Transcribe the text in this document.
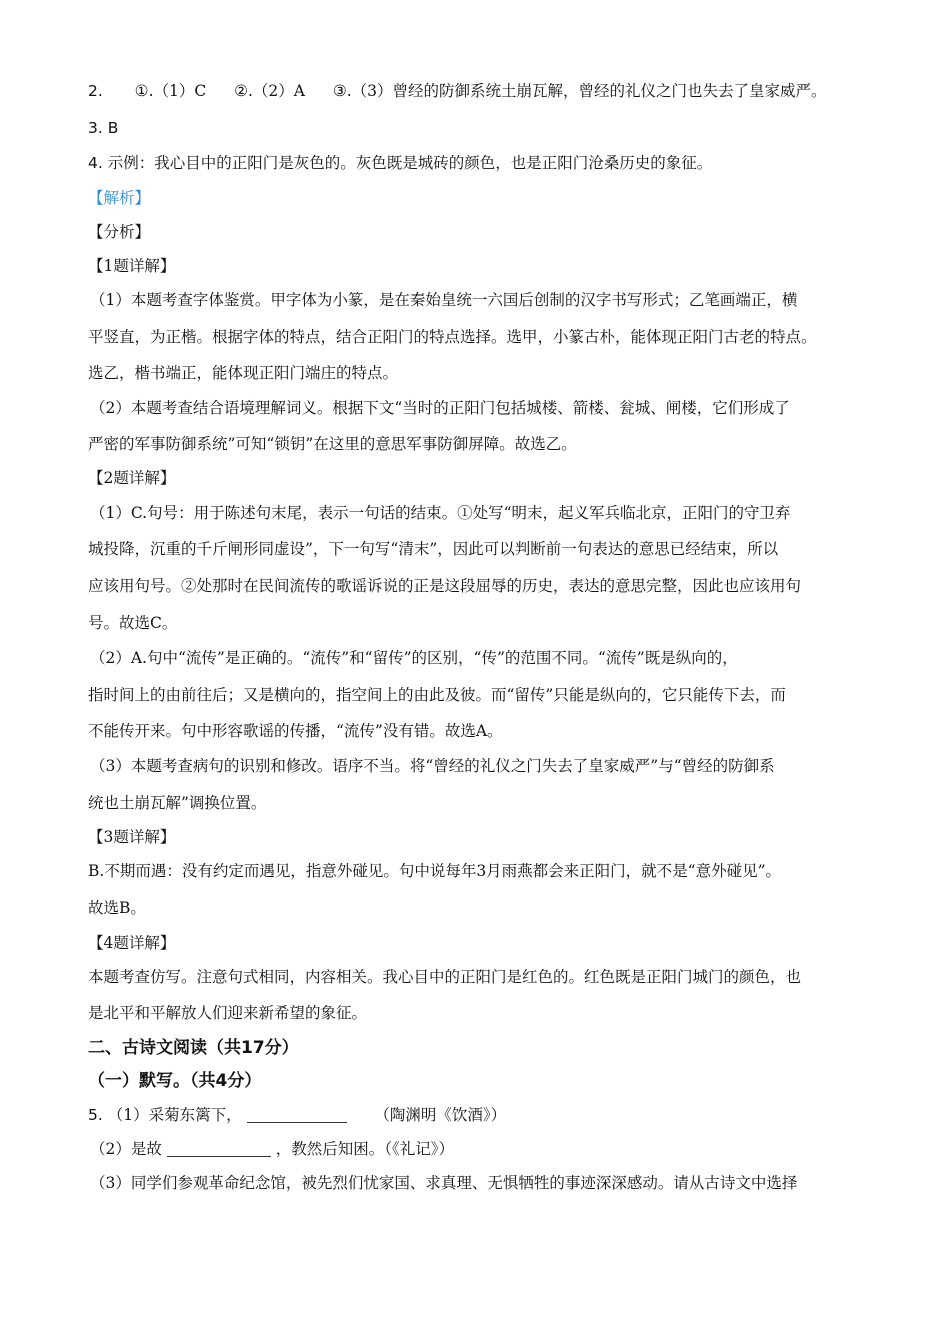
2. ①.（1）C ②.（2）A ③.（3）曾经的防御系统土崩瓦解，曾经的礼仪之门也失去了皇家威严。
3. B
4. 示例：我心目中的正阳门是灰色的。灰色既是城砖的颜色，也是正阳门沧桑历史的象征。
【解析】
【分析】
【1题详解】
（1）本题考查字体鉴赏。甲字体为小篆，是在秦始皇统一六国后创制的汉字书写形式；乙笔画端正，横
平竖直，为正楷。根据字体的特点，结合正阳门的特点选择。选甲，小篆古朴，能体现正阳门古老的特点。
选乙，楷书端正，能体现正阳门端庄的特点。
（2）本题考查结合语境理解词义。根据下文“当时的正阳门包括城楼、箭楼、瓮城、闸楼，它们形成了
严密的军事防御系统”可知“锁钥”在这里的意思军事防御屏障。故选乙。
【2题详解】
（1）C.句号：用于陈述句末尾，表示一句话的结束。①处写“明末，起义军兵临北京，正阳门的守卫弃
城投降，沉重的千斤闸形同虚设”，下一句写“清末”，因此可以判断前一句表达的意思已经结束，所以
应该用句号。②处那时在民间流传的歌谣诉说的正是这段屈辱的历史，表达的意思完整，因此也应该用句
号。故选C。
（2）A.句中“流传”是正确的。“流传”和“留传”的区别，“传”的范围不同。“流传”既是纵向的，
指时间上的由前往后；又是横向的，指空间上的由此及彼。而“留传”只能是纵向的，它只能传下去，而
不能传开来。句中形容歌谣的传播，“流传”没有错。故选A。
（3）本题考查病句的识别和修改。语序不当。将“曾经的礼仪之门失去了皇家威严”与“曾经的防御系
统也土崩瓦解”调换位置。
【3题详解】
B.不期而遇：没有约定而遇见，指意外碰见。句中说每年3月雨燕都会来正阳门，就不是“意外碰见”。
故选B。
【4题详解】
本题考查仿写。注意句式相同，内容相关。我心目中的正阳门是红色的。红色既是正阳门城门的颜色，也
是北平和平解放人们迎来新希望的象征。
二、古诗文阅读（共17分）
（一）默写。（共4分）
5. （1）采菊东篱下，	（陶渊明《饮酒》）
（2）是故	，教然后知困。（《礼记》）
（3）同学们参观革命纪念馆，被先烈们忧家国、求真理、无惧牺牲的事迹深深感动。请从古诗文中选择
